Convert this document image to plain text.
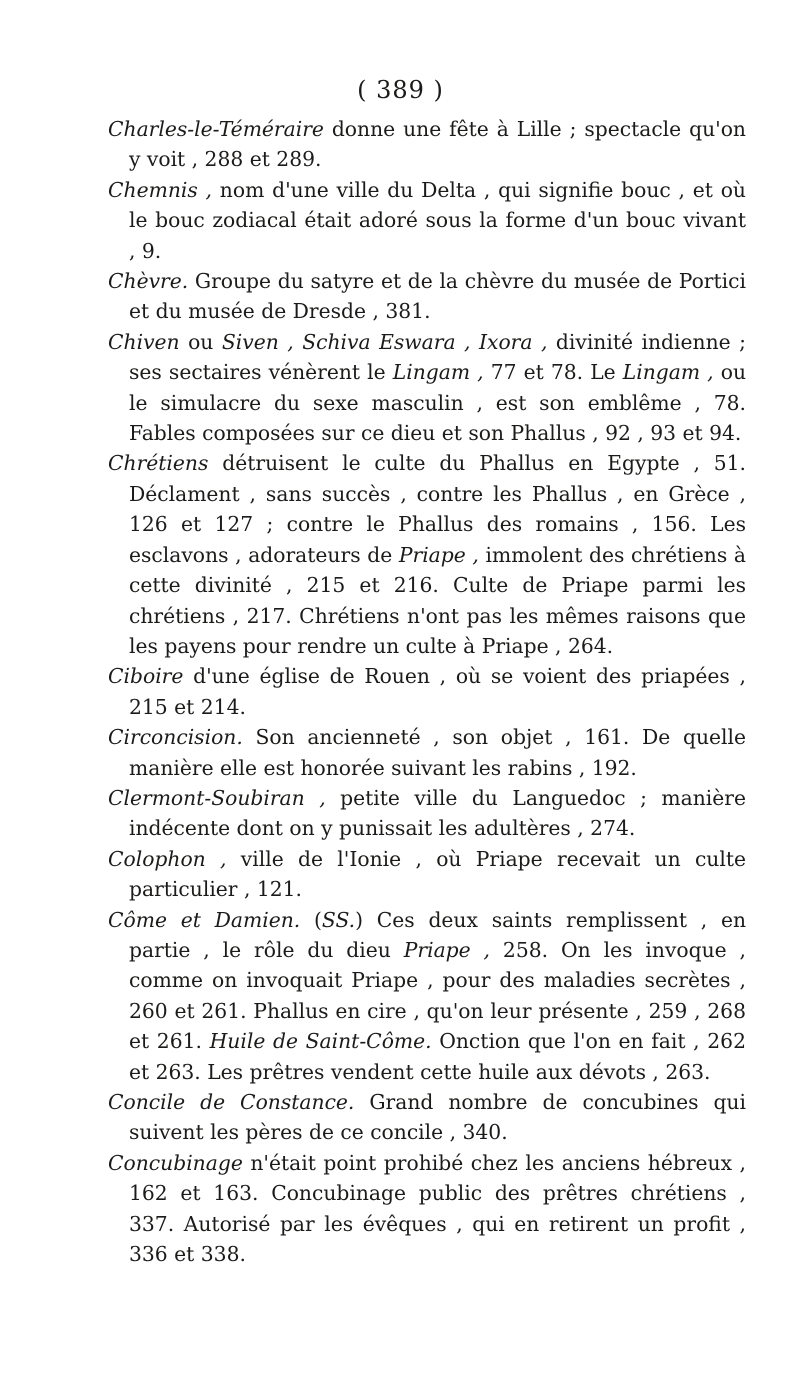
( 389 )

Charles-le-Téméraire donne une fête à Lille ; spectacle qu'on y voit , 288 et 289.

Chemnis , nom d'une ville du Delta , qui signifie bouc , et où le bouc zodiacal était adoré sous la forme d'un bouc vivant , 9.

Chèvre. Groupe du satyre et de la chèvre du musée de Portici et du musée de Dresde , 381.

Chiven ou Siven , Schiva Eswara , Ixora , divinité indienne ; ses sectaires vénèrent le Lingam , 77 et 78. Le Lingam , ou le simulacre du sexe masculin , est son emblême , 78. Fables composées sur ce dieu et son Phallus , 92 , 93 et 94.

Chrétiens détruisent le culte du Phallus en Egypte , 51. Déclament , sans succès , contre les Phallus , en Grèce , 126 et 127 ; contre le Phallus des romains , 156. Les esclavons , adorateurs de Priape , immolent des chrétiens à cette divinité , 215 et 216. Culte de Priape parmi les chrétiens , 217. Chrétiens n'ont pas les mêmes raisons que les payens pour rendre un culte à Priape , 264.

Ciboire d'une église de Rouen , où se voient des priapées , 215 et 214.

Circoncision. Son ancienneté , son objet , 161. De quelle manière elle est honorée suivant les rabins , 192.

Clermont-Soubiran , petite ville du Languedoc ; manière indécente dont on y punissait les adultères , 274.

Colophon , ville de l'Ionie , où Priape recevait un culte particulier , 121.

Côme et Damien. (SS.) Ces deux saints remplissent , en partie , le rôle du dieu Priape , 258. On les invoque , comme on invoquait Priape , pour des maladies secrètes , 260 et 261. Phallus en cire , qu'on leur présente , 259 , 268 et 261. Huile de Saint-Côme. Onction que l'on en fait , 262 et 263. Les prêtres vendent cette huile aux dévots , 263.

Concile de Constance. Grand nombre de concubines qui suivent les pères de ce concile , 340.

Concubinage n'était point prohibé chez les anciens hébreux , 162 et 163. Concubinage public des prêtres chrétiens , 337. Autorisé par les évêques , qui en retirent un profit , 336 et 338.
